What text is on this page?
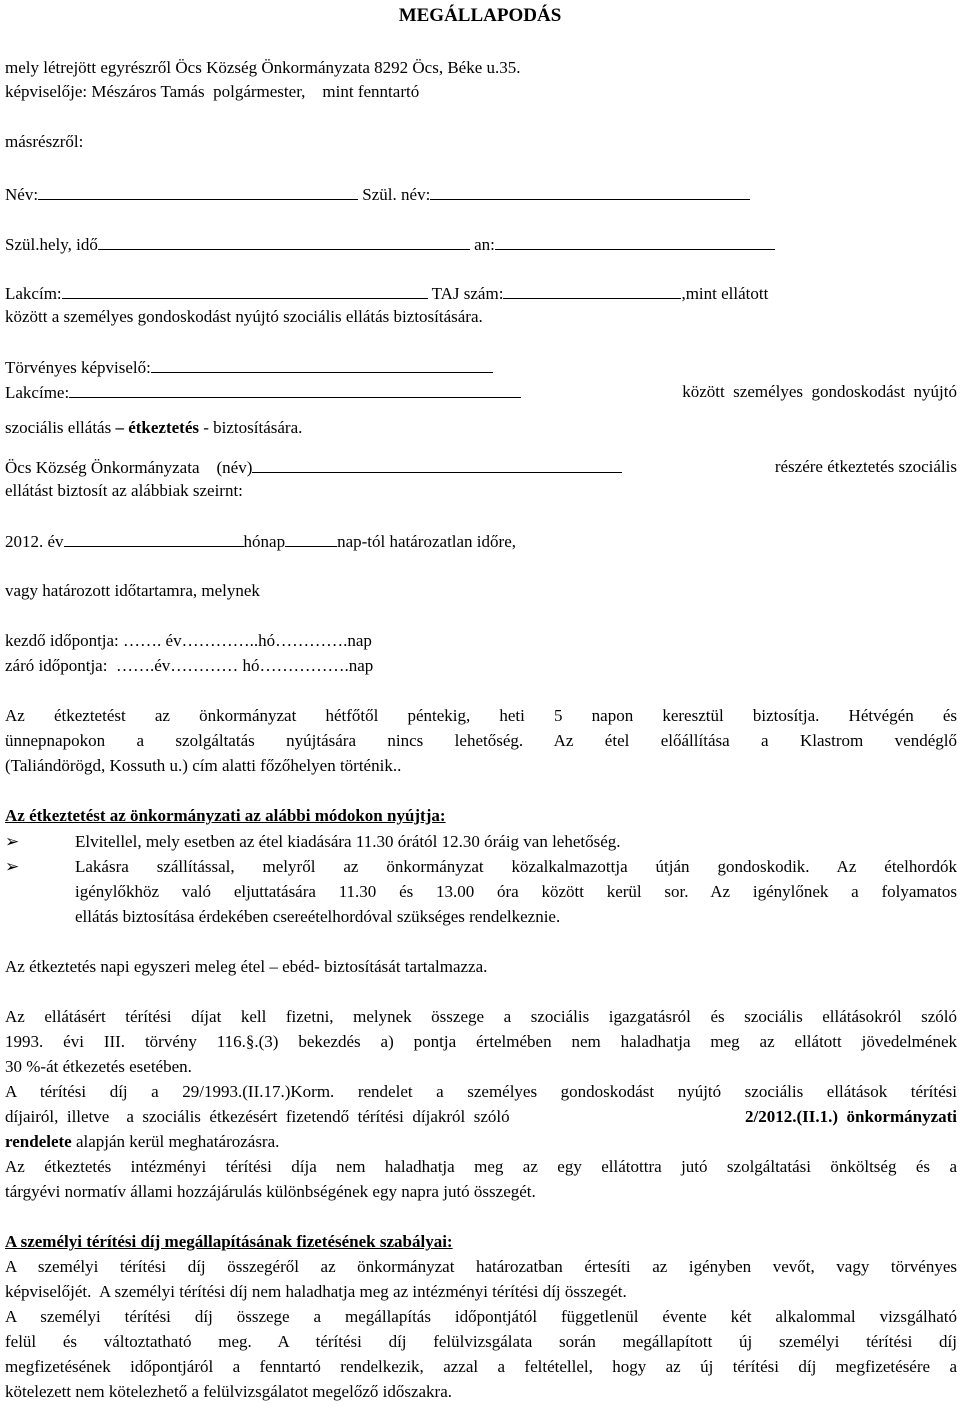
MEGÁLLAPODÁS
mely létrejött egyrészről Öcs Község Önkormányzata 8292 Öcs, Béke u.35.
képviselője: Mészáros Tamás  polgármester,    mint fenntartó
másrészről:
Név:	Szül. név:
Szül.hely, idő	an:
Lakcím:	TAJ szám:	,mint ellátott
között a személyes gondoskodást nyújtó szociális ellátás biztosítására.
Törvényes képviselő:
Lakcíme:	között  személyes  gondoskodást  nyújtó
szociális ellátás – étkeztetés - biztosítására.
Öcs Község Önkormányzata    (név)	részére étkeztetés szociális
ellátást biztosít az alábbiak szeirnt:
2012. év	hónap	nap-tól határozatlan időre,
vagy határozott időtartamra, melynek
kezdő időpontja: ……. év…………..hó………….nap
záró időpontja:  …….év………… hó…………….nap
Az étkeztetést az önkormányzat hétfőtől péntekig, heti 5 napon keresztül biztosítja. Hétvégén és
ünnepnapokon a szolgáltatás nyújtására nincs lehetőség. Az étel előállítása a Klastrom vendéglő
(Taliándörögd, Kossuth u.) cím alatti főzőhelyen történik..
Az étkeztetést az önkormányzati az alábbi módokon nyújtja:
➢	Elvitellel, mely esetben az étel kiadására 11.30 órától 12.30 óráig van lehetőség.
➢	Lakásra szállítással, melyről az önkormányzat közalkalmazottja útján gondoskodik. Az ételhordók
igénylőkhöz való eljuttatására 11.30 és 13.00 óra között kerül sor. Az igénylőnek a folyamatos
ellátás biztosítása érdekében csereételhordóval szükséges rendelkeznie.
Az étkeztetés napi egyszeri meleg étel – ebéd- biztosítását tartalmazza.
Az ellátásért térítési díjat kell fizetni, melynek összege a szociális igazgatásról és szociális ellátásokról szóló
1993. évi III. törvény 116.§.(3) bekezdés a) pontja értelmében nem haladhatja meg az ellátott jövedelmének
30 %-át étkezetés esetében.
A térítési díj a 29/1993.(II.17.)Korm. rendelet a személyes gondoskodást nyújtó szociális ellátások térítési
díjairól,  illetve    a  szociális  étkezésért  fizetendő  térítési  díjakról  szóló	2/2012.(II.1.)  önkormányzati
rendelete alapján kerül meghatározásra.
Az étkeztetés intézményi térítési díja nem haladhatja meg az egy ellátottra jutó szolgáltatási önköltség és a
tárgyévi normatív állami hozzájárulás különbségének egy napra jutó összegét.
A személyi térítési díj megállapításának fizetésének szabályai:
A személyi térítési díj összegéről az önkormányzat határozatban értesíti az igényben vevőt, vagy törvényes
képviselőjét.  A személyi térítési díj nem haladhatja meg az intézményi térítési díj összegét.
A személyi térítési díj összege a megállapítás időpontjától függetlenül évente két alkalommal vizsgálható
felül és változtatható meg. A térítési díj felülvizsgálata során megállapított új személyi térítési díj
megfizetésének időpontjáról a fenntartó rendelkezik, azzal a feltétellel, hogy az új térítési díj megfizetésére a
kötelezett nem kötelezhető a felülvizsgálatot megelőző időszakra.
